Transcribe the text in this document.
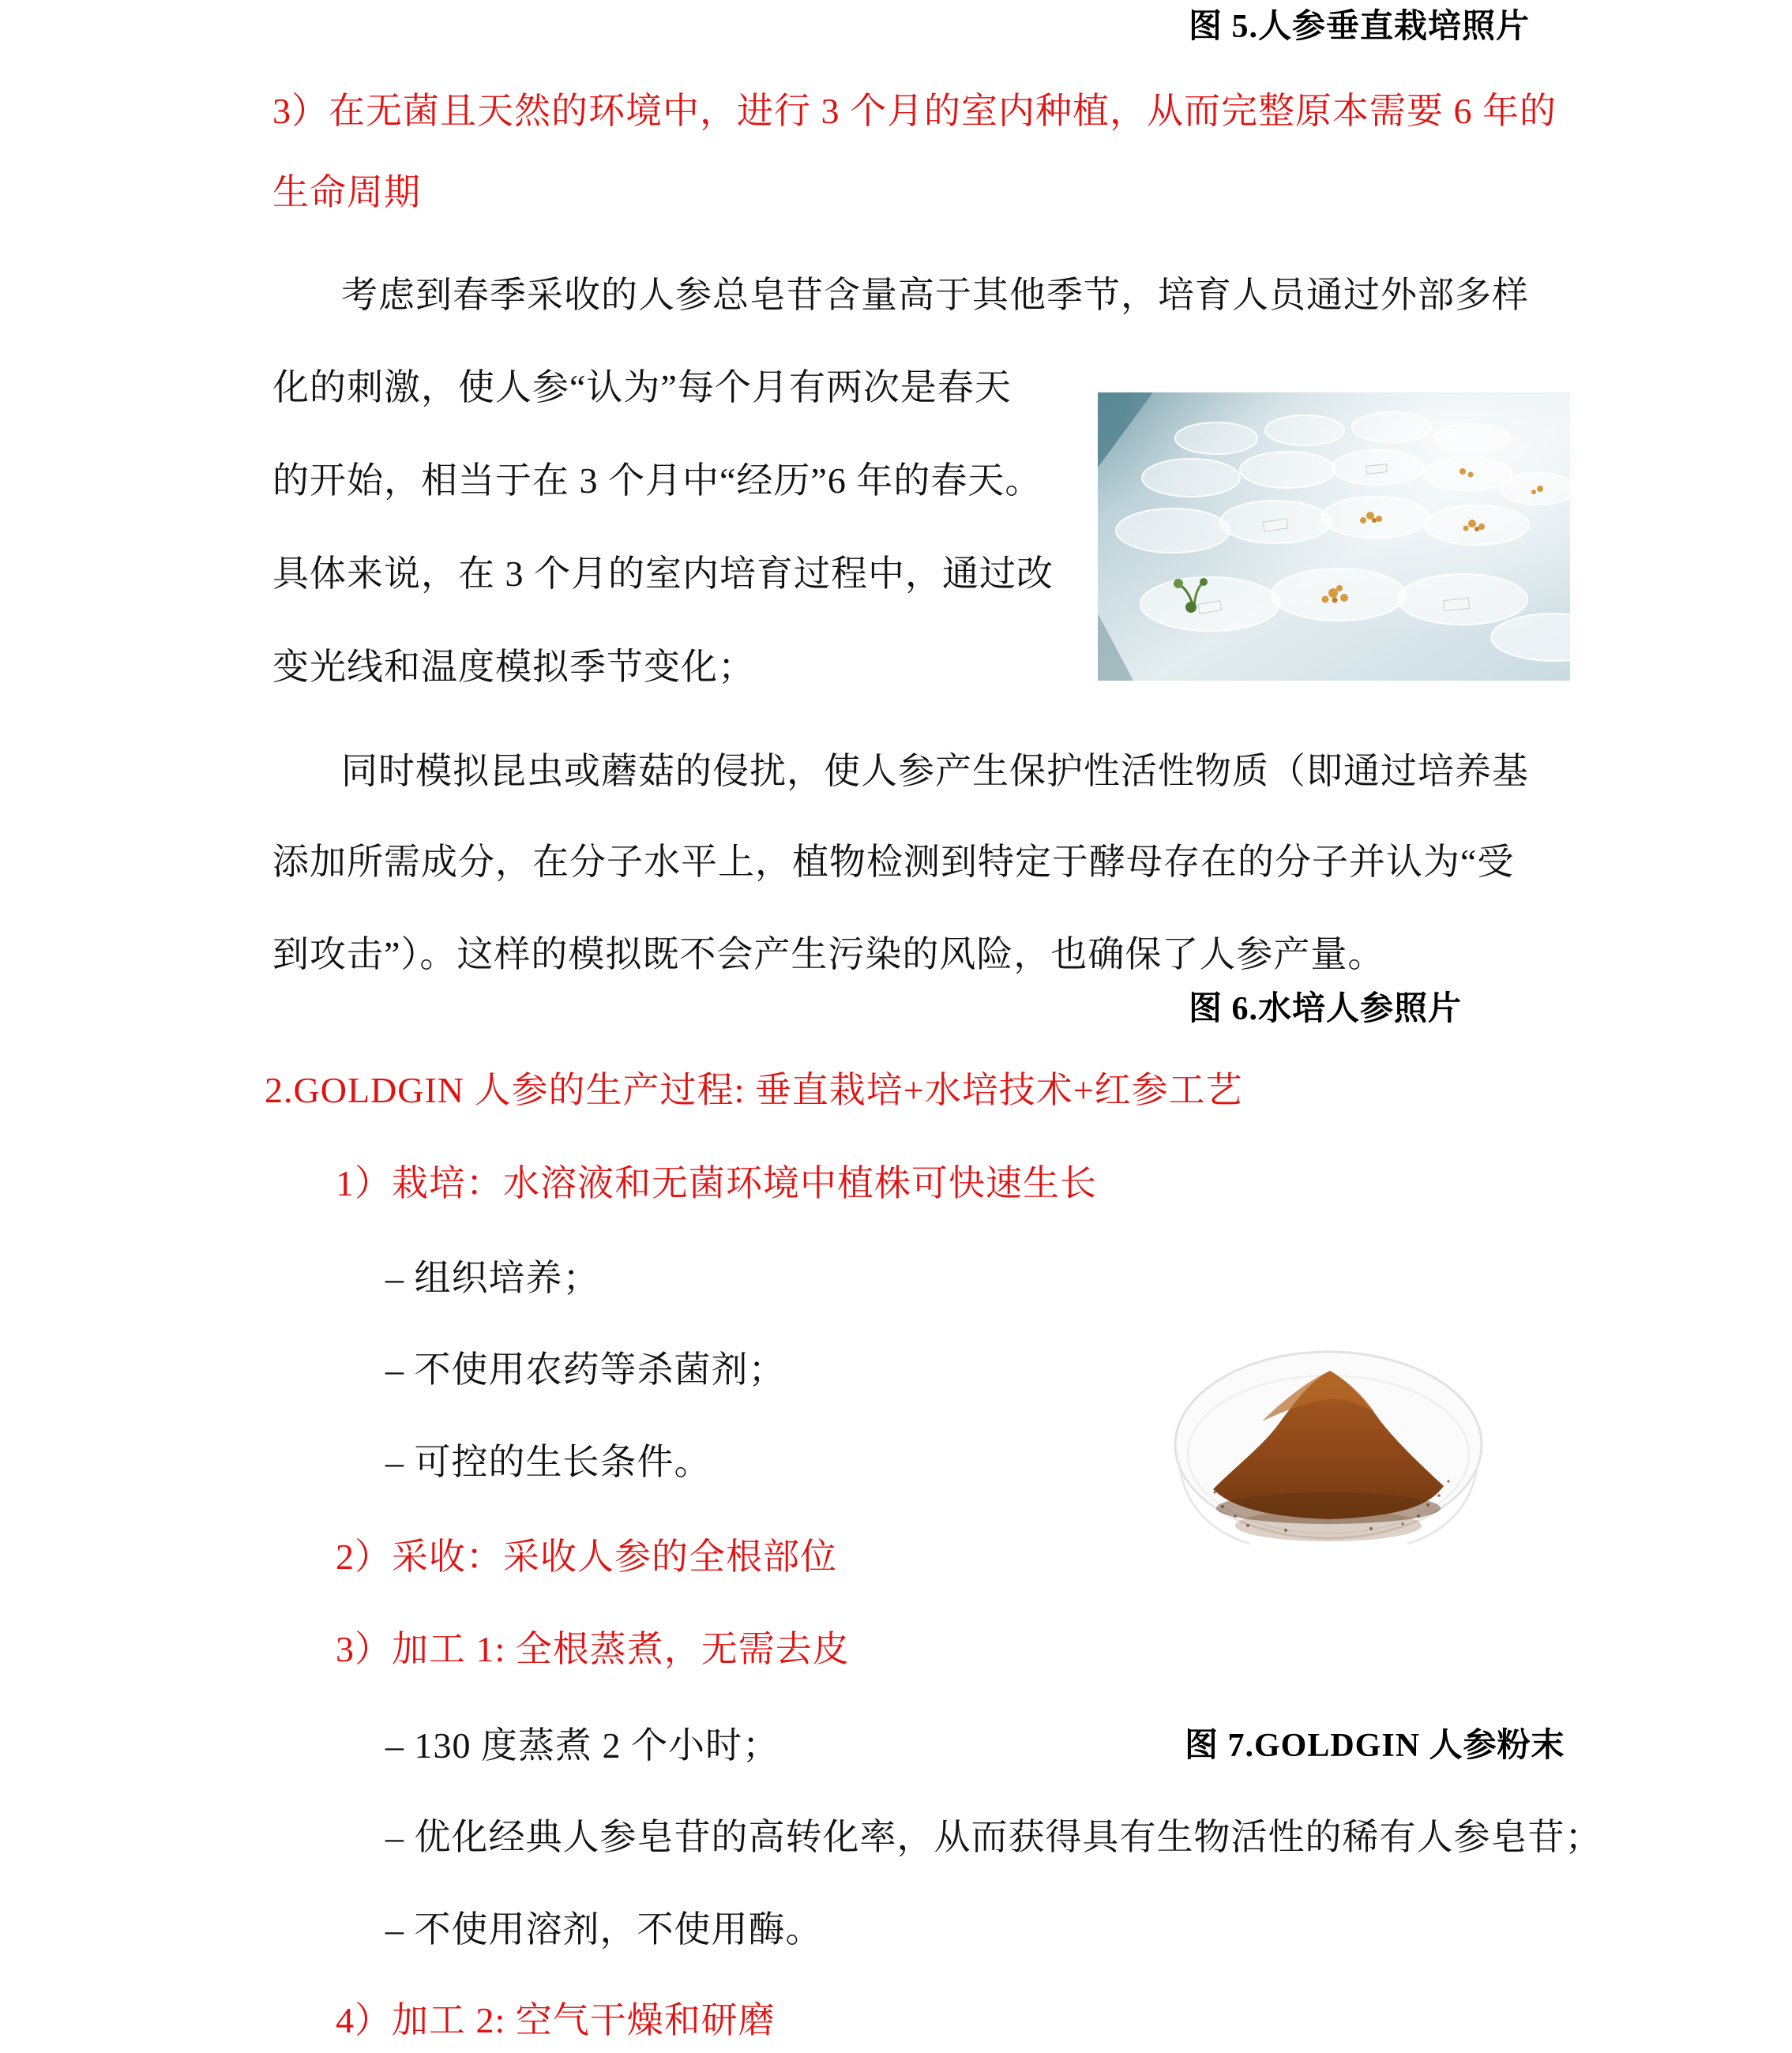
图 5.人参垂直栽培照片
3）在无菌且天然的环境中，进行 3 个月的室内种植，从而完整原本需要 6 年的
生命周期
考虑到春季采收的人参总皂苷含量高于其他季节，培育人员通过外部多样
化的刺激，使人参“认为”每个月有两次是春天
的开始，相当于在 3 个月中“经历”6 年的春天。
具体来说，在 3 个月的室内培育过程中，通过改
变光线和温度模拟季节变化；
同时模拟昆虫或蘑菇的侵扰，使人参产生保护性活性物质（即通过培养基
添加所需成分，在分子水平上，植物检测到特定于酵母存在的分子并认为“受
到攻击”）。这样的模拟既不会产生污染的风险，也确保了人参产量。
图 6.水培人参照片
2.GOLDGIN 人参的生产过程: 垂直栽培+水培技术+红参工艺
1）栽培：水溶液和无菌环境中植株可快速生长
– 组织培养；
– 不使用农药等杀菌剂；
– 可控的生长条件。
2）采收：采收人参的全根部位
3）加工 1: 全根蒸煮，无需去皮
– 130 度蒸煮 2 个小时；	图 7.GOLDGIN 人参粉末
– 优化经典人参皂苷的高转化率，从而获得具有生物活性的稀有人参皂苷；
– 不使用溶剂，不使用酶。
4）加工 2: 空气干燥和研磨
